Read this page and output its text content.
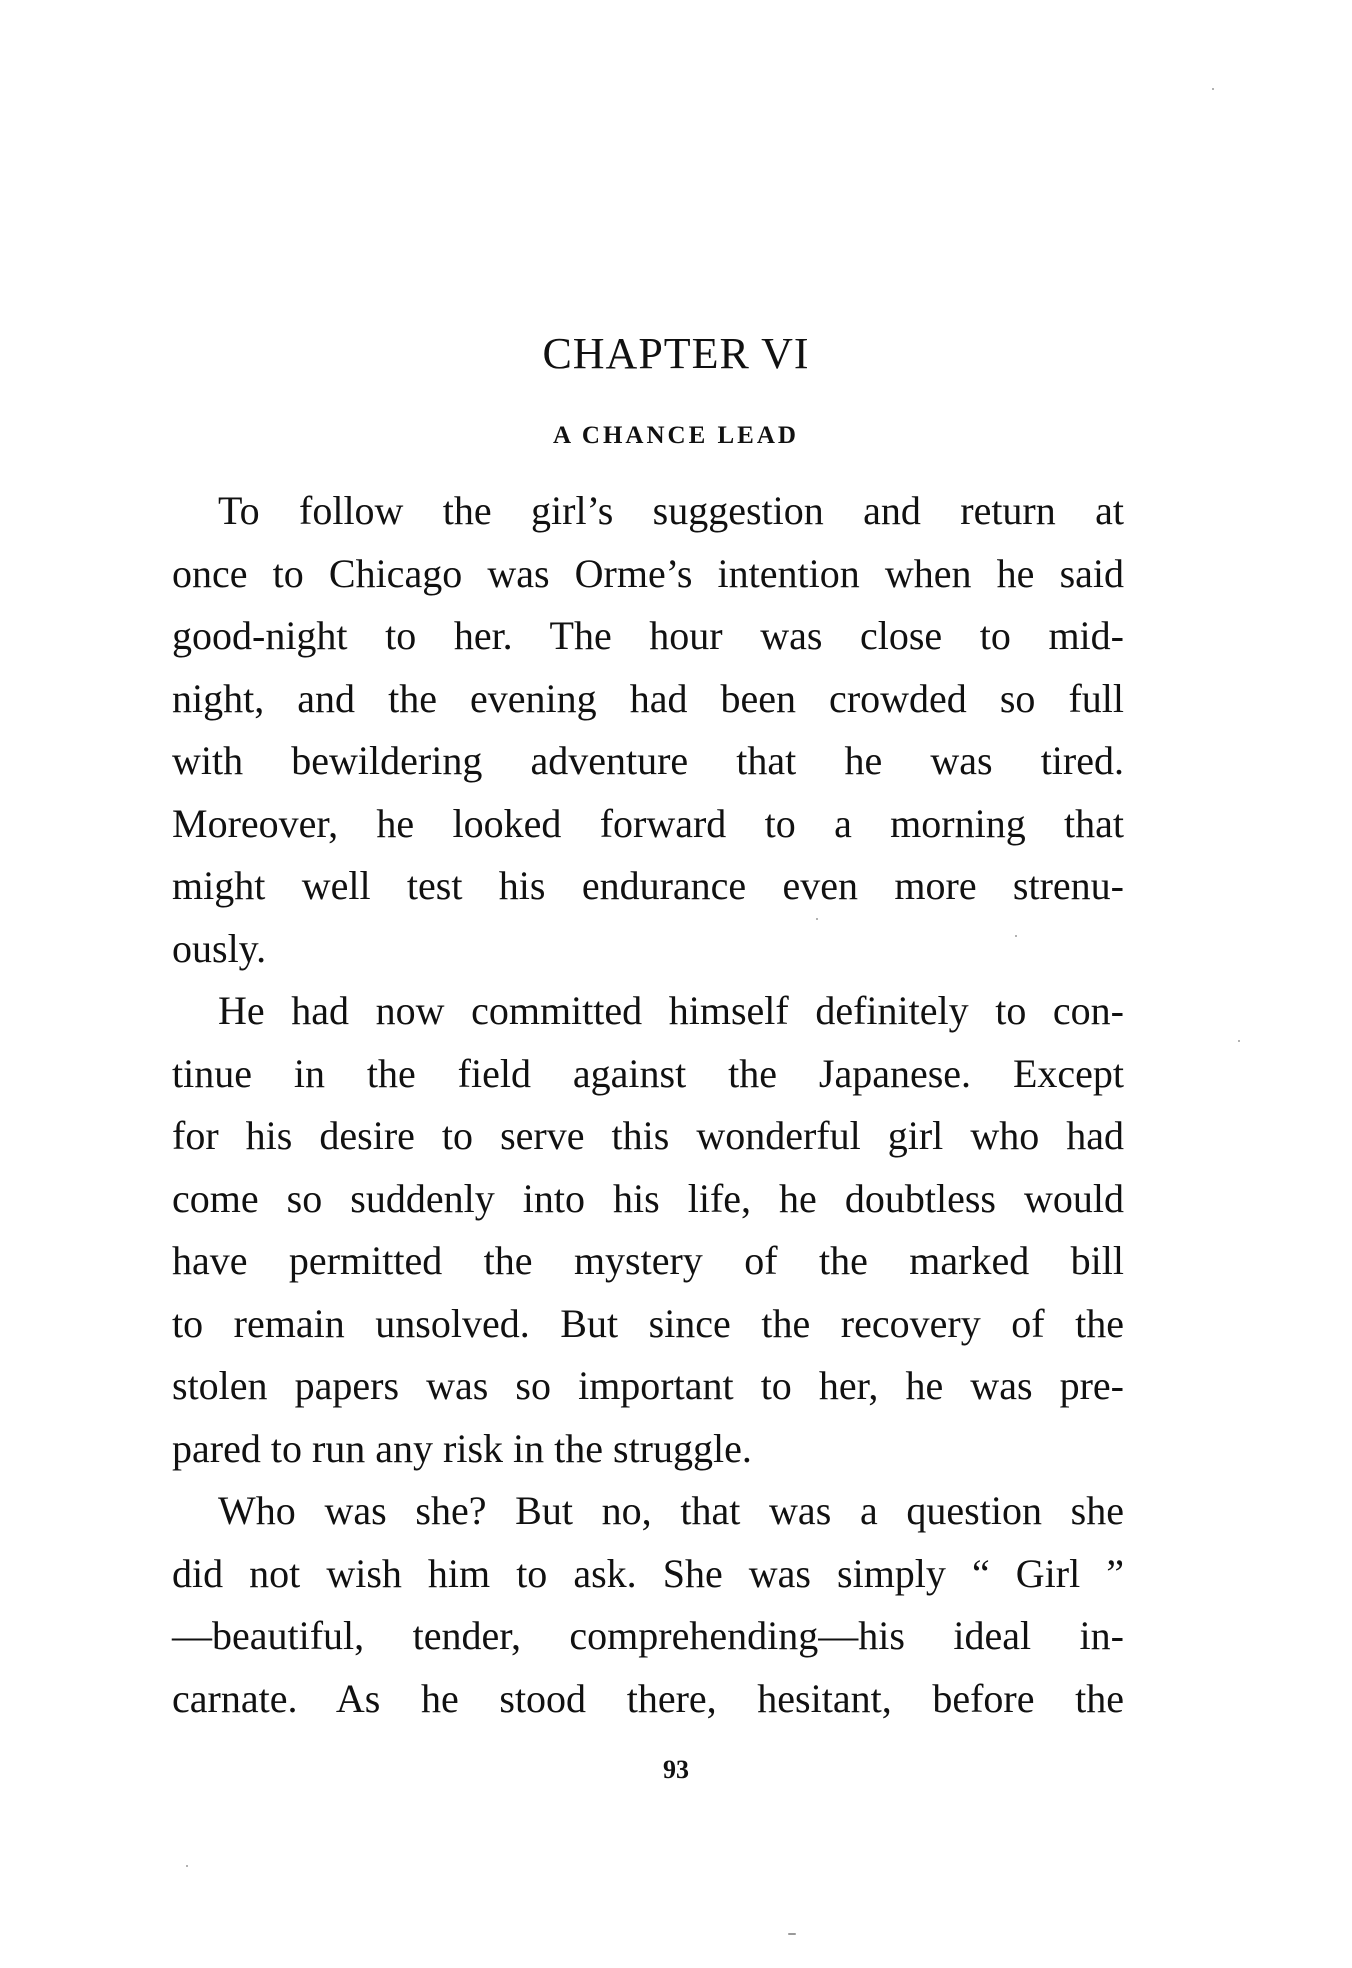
CHAPTER VI
A CHANCE LEAD

To follow the girl’s suggestion and return at
once to Chicago was Orme’s intention when he said
good-night to her. The hour was close to mid-
night, and the evening had been crowded so full
with bewildering adventure that he was tired.
Moreover, he looked forward to a morning that
might well test his endurance even more strenu-
ously.

He had now committed himself definitely to con-
tinue in the field against the Japanese. Except
for his desire to serve this wonderful girl who had
come so suddenly into his life, he doubtless would
have permitted the mystery of the marked bill
to remain unsolved. But since the recovery of the
stolen papers was so important to her, he was pre-
pared to run any risk in the struggle.

Who was she? But no, that was a question she
did not wish him to ask. She was simply “ Girl ”
—beautiful, tender, comprehending—his ideal in-
carnate. As he stood there, hesitant, before the

93
